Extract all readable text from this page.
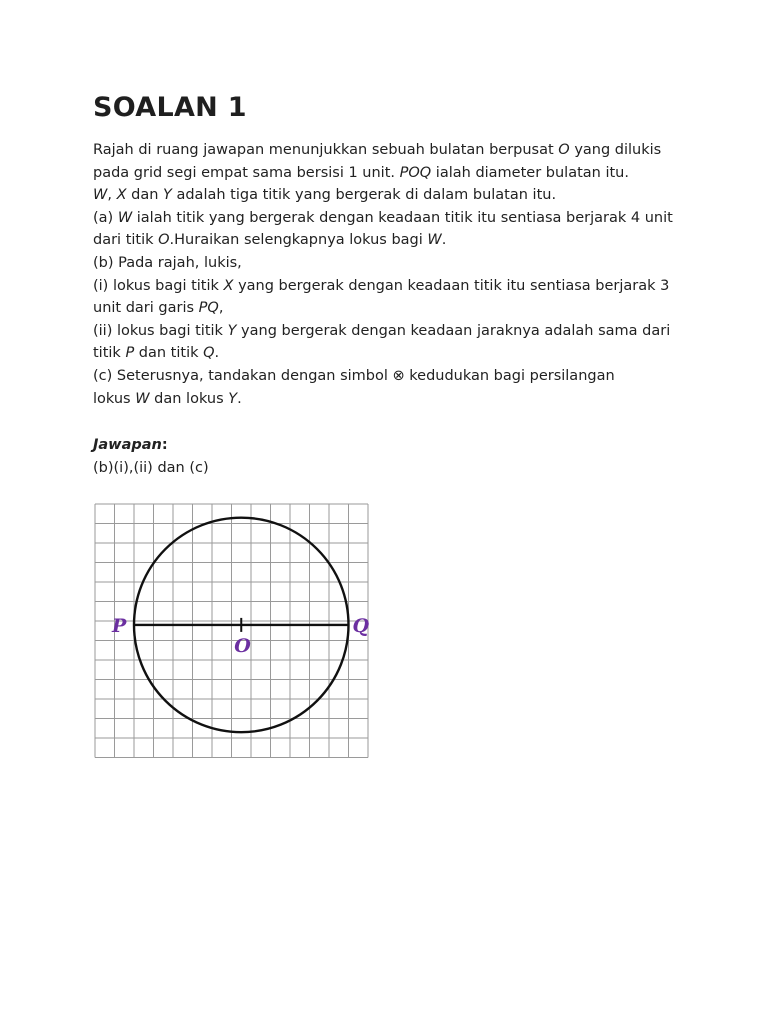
SOALAN 1
Rajah di ruang jawapan menunjukkan sebuah bulatan berpusat O yang dilukis
pada grid segi empat sama bersisi 1 unit. POQ ialah diameter bulatan itu.
W, X dan Y adalah tiga titik yang bergerak di dalam bulatan itu.
(a) W ialah titik yang bergerak dengan keadaan titik itu sentiasa berjarak 4 unit
dari titik O.Huraikan selengkapnya lokus bagi W.
(b) Pada rajah, lukis,
(i) lokus bagi titik X yang bergerak dengan keadaan titik itu sentiasa berjarak 3
unit dari garis PQ,
(ii) lokus bagi titik Y yang bergerak dengan keadaan jaraknya adalah sama dari
titik P dan titik Q.
(c) Seterusnya, tandakan dengan simbol ⊗ kedudukan bagi persilangan
lokus W dan lokus Y.
Jawapan:
(b)(i),(ii) dan (c)
P	Q
O
